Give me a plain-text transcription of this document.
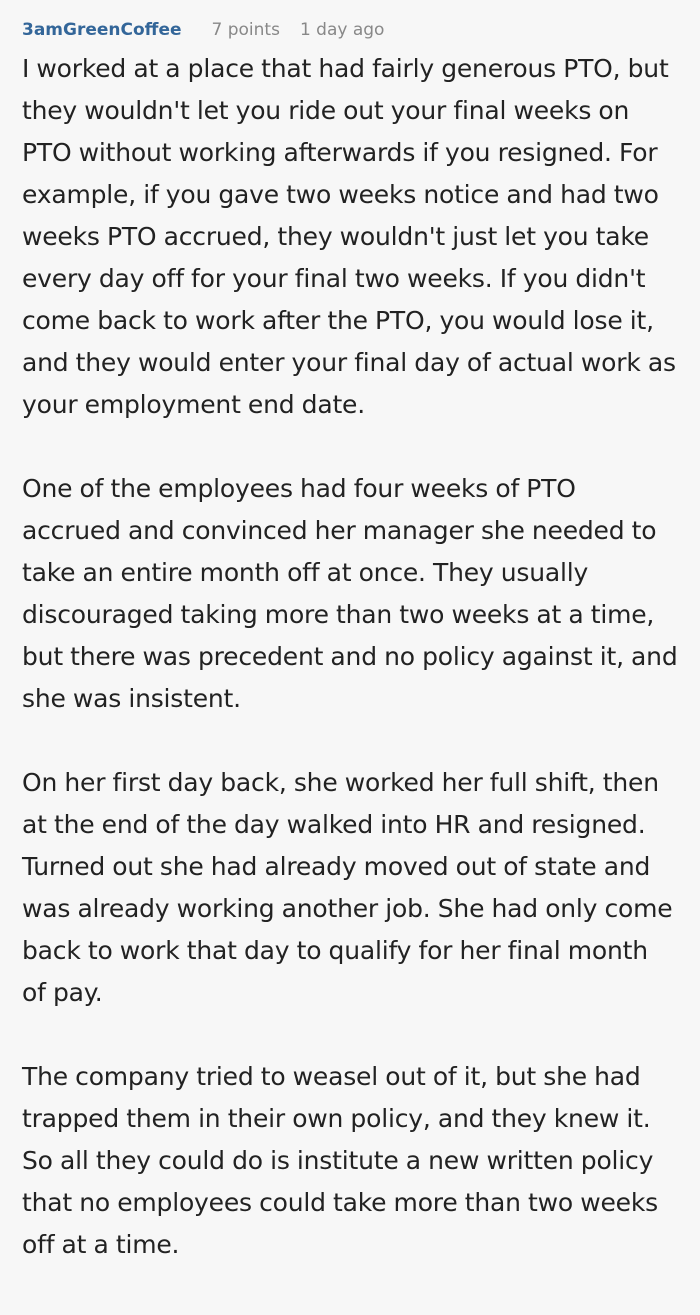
3amGreenCoffee 7 points 1 day ago

I worked at a place that had fairly generous PTO, but they wouldn't let you ride out your final weeks on PTO without working afterwards if you resigned. For example, if you gave two weeks notice and had two weeks PTO accrued, they wouldn't just let you take every day off for your final two weeks. If you didn't come back to work after the PTO, you would lose it, and they would enter your final day of actual work as your employment end date.

One of the employees had four weeks of PTO accrued and convinced her manager she needed to take an entire month off at once. They usually discouraged taking more than two weeks at a time, but there was precedent and no policy against it, and she was insistent.

On her first day back, she worked her full shift, then at the end of the day walked into HR and resigned. Turned out she had already moved out of state and was already working another job. She had only come back to work that day to qualify for her final month of pay.

The company tried to weasel out of it, but she had trapped them in their own policy, and they knew it. So all they could do is institute a new written policy that no employees could take more than two weeks off at a time.
